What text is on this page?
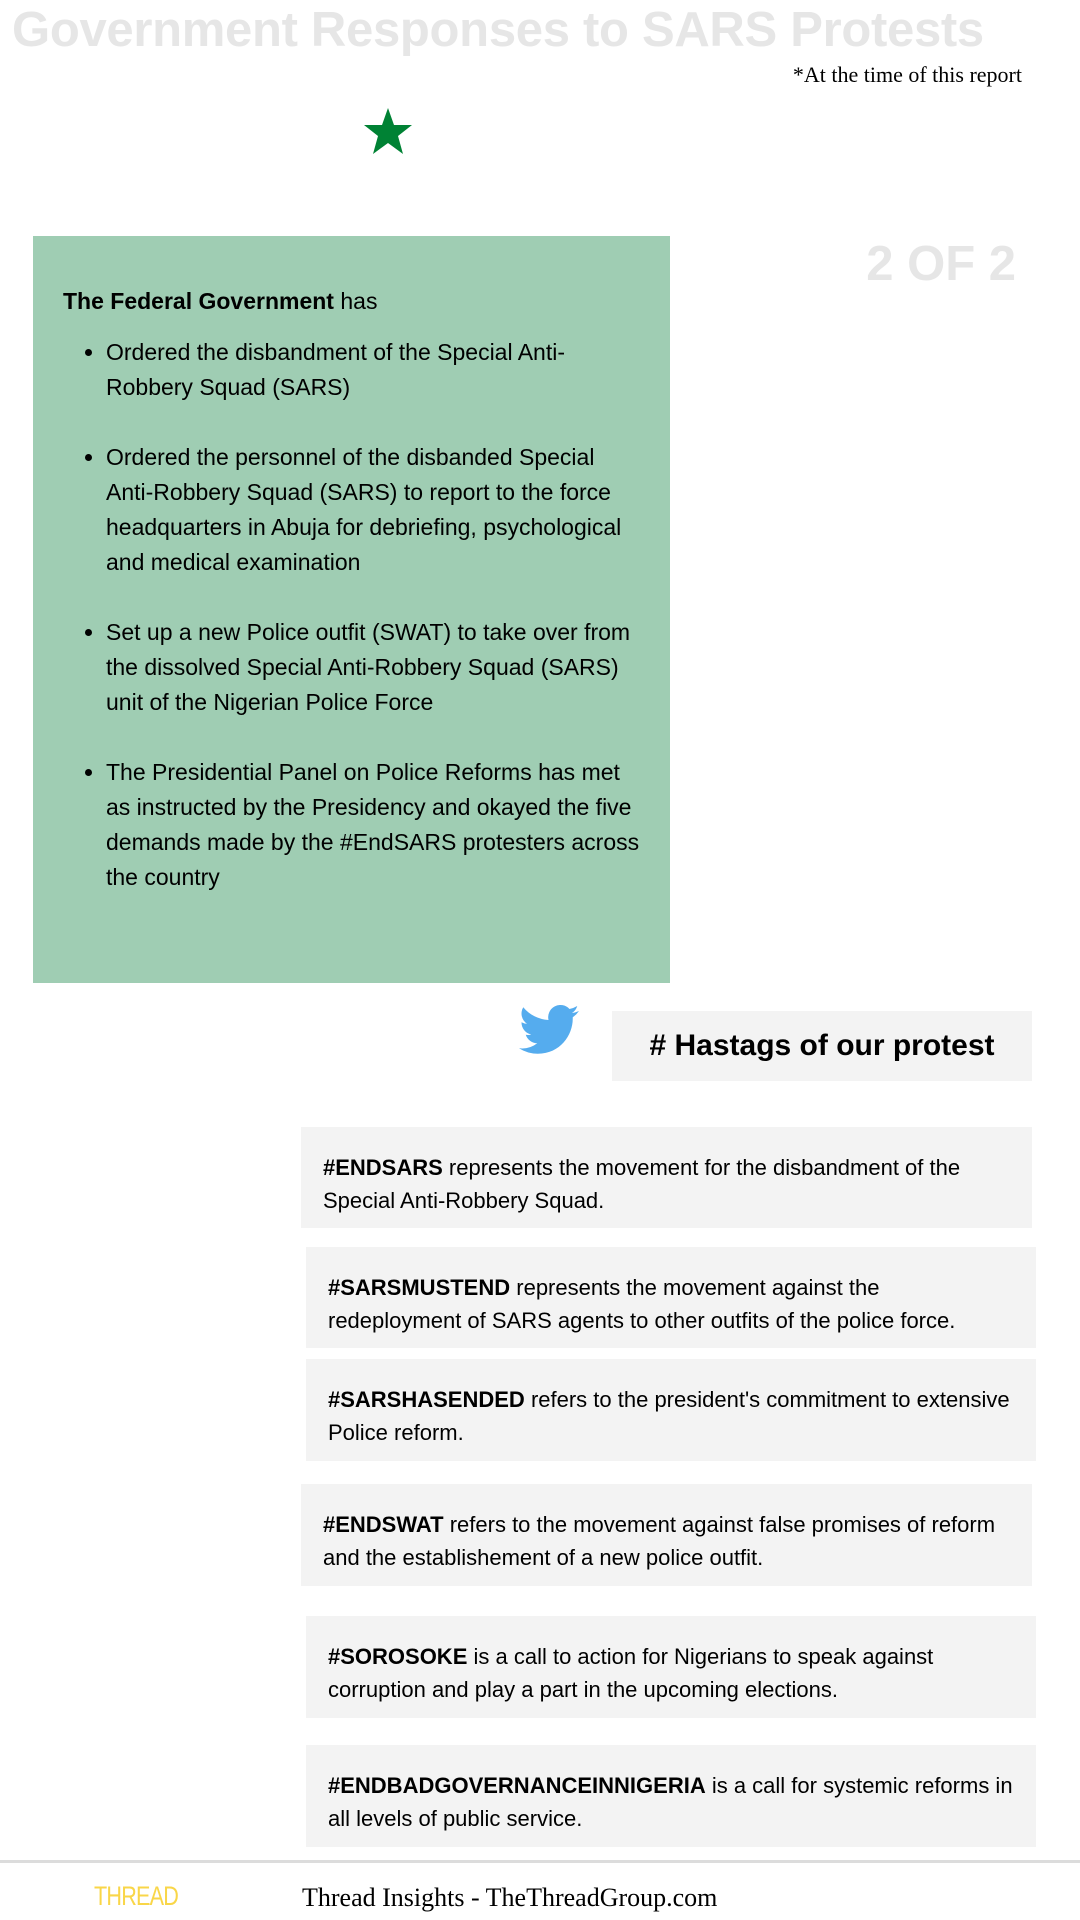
Government Responses to SARS Protests
*At the time of this report
2 OF 2
The Federal Government has
• Ordered the disbandment of the Special Anti-Robbery Squad (SARS)
• Ordered the personnel of the disbanded Special Anti-Robbery Squad (SARS) to report to the force headquarters in Abuja for debriefing, psychological and medical examination
• Set up a new Police outfit (SWAT) to take over from the dissolved Special Anti-Robbery Squad (SARS) unit of the Nigerian Police Force
• The Presidential Panel on Police Reforms has met as instructed by the Presidency and okayed the five demands made by the #EndSARS protesters across the country
# Hastags of our protest
#ENDSARS represents the movement for the disbandment of the Special Anti-Robbery Squad.
#SARSMUSTEND represents the movement against the redeployment of SARS agents to other outfits of the police force.
#SARSHASENDED refers to the president's commitment to extensive Police reform.
#ENDSWAT refers to the movement against false promises of reform and the establishement of a new police outfit.
#SOROSOKE is a call to action for Nigerians to speak against corruption and play a part in the upcoming elections.
#ENDBADGOVERNANCEINNIGERIA is a call for systemic reforms in all levels of public service.
THREAD	Thread Insights - TheThreadGroup.com
